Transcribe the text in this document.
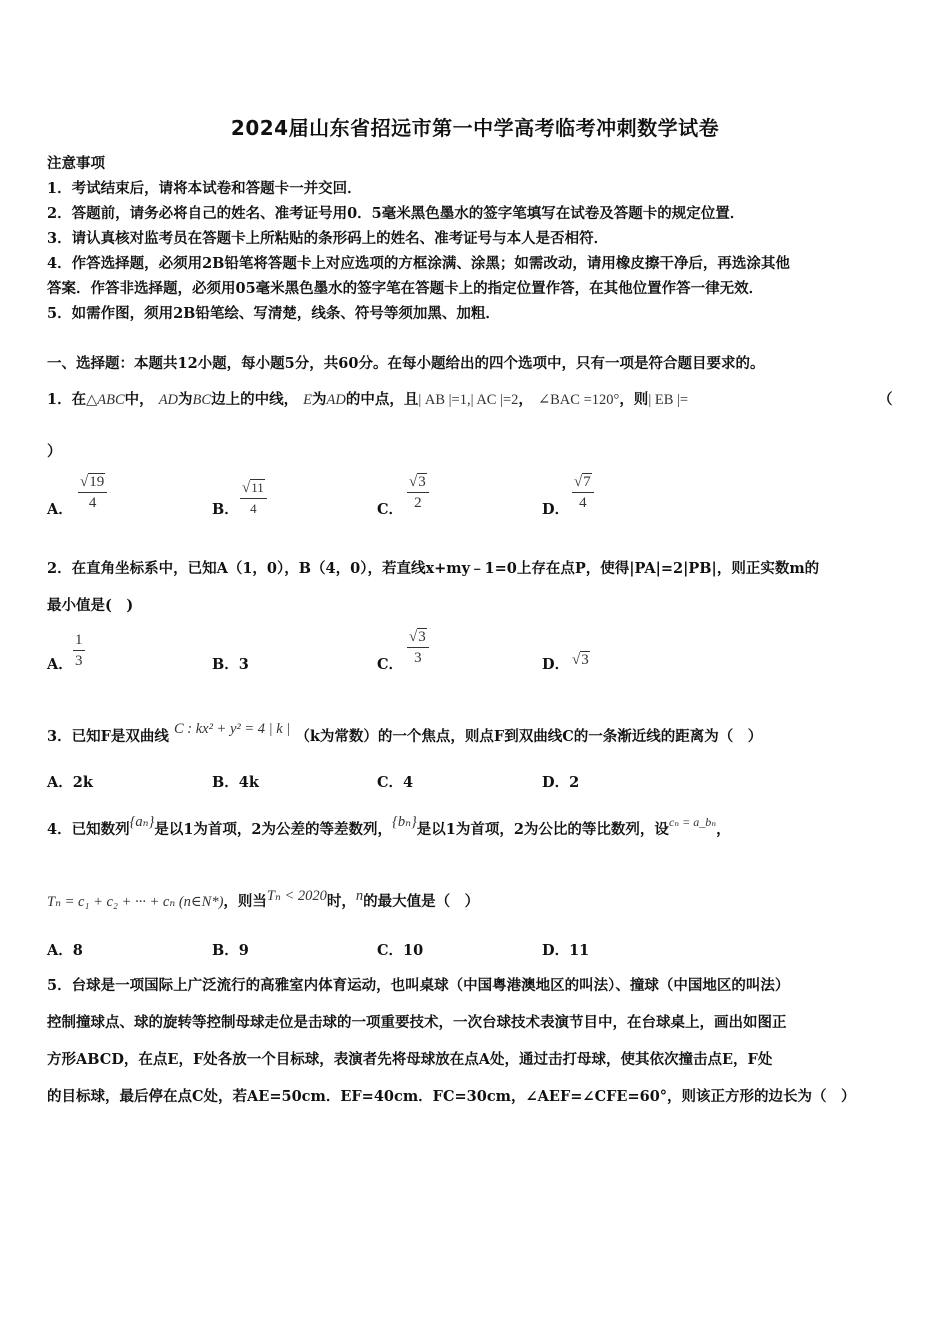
2024届山东省招远市第一中学高考临考冲刺数学试卷
注意事项
1．考试结束后，请将本试卷和答题卡一并交回．
2．答题前，请务必将自己的姓名、准考证号用0．5毫米黑色墨水的签字笔填写在试卷及答题卡的规定位置．
3．请认真核对监考员在答题卡上所粘贴的条形码上的姓名、准考证号与本人是否相符．
4．作答选择题，必须用2B铅笔将答题卡上对应选项的方框涂满、涂黑；如需改动，请用橡皮擦干净后，再选涂其他
答案．作答非选择题，必须用05毫米黑色墨水的签字笔在答题卡上的指定位置作答，在其他位置作答一律无效．
5．如需作图，须用2B铅笔绘、写清楚，线条、符号等须加黑、加粗．
一、选择题：本题共12小题，每小题5分，共60分。在每小题给出的四个选项中，只有一项是符合题目要求的。
1．在△ABC中， AD为BC边上的中线， E为AD的中点，且| AB |=1,| AC |=2， ∠BAC =120°，则| EB |=	（
）
A． $\frac{√19}{4}$	B． $\frac{√11}{4}$	C． $\frac{√3}{2}$	D． $\frac{√7}{4}$
2．在直角坐标系中，已知A（1，0），B（4，0），若直线x+my﹣1=0上存在点P，使得|PA|=2|PB|，则正实数m的
最小值是(　)
A． $\frac{1}{3}$	B．3	C． $\frac{√3}{3}$	D． √3
3．已知F是双曲线 C : kx² + y² = 4 | k | （k为常数）的一个焦点，则点F到双曲线C的一条渐近线的距离为（　）
A．2k	B．4k	C．4	D．2
4．已知数列{aₙ}是以1为首项，2为公差的等差数列，{bₙ}是以1为首项，2为公比的等比数列，设$^{c_n = a\_b_n}$，
Tₙ = c₁ + c₂ + ··· + cₙ (n∈N*)，则当Tₙ < 2020时，n的最大值是（　）
A．8	B．9	C．10	D．11
5．台球是一项国际上广泛流行的高雅室内体育运动，也叫桌球（中国粤港澳地区的叫法）、撞球（中国地区的叫法）
控制撞球点、球的旋转等控制母球走位是击球的一项重要技术，一次台球技术表演节目中，在台球桌上，画出如图正
方形ABCD，在点E，F处各放一个目标球，表演者先将母球放在点A处，通过击打母球，使其依次撞击点E，F处
的目标球，最后停在点C处，若AE=50cm．EF=40cm．FC=30cm，∠AEF=∠CFE=60°，则该正方形的边长为（　）
